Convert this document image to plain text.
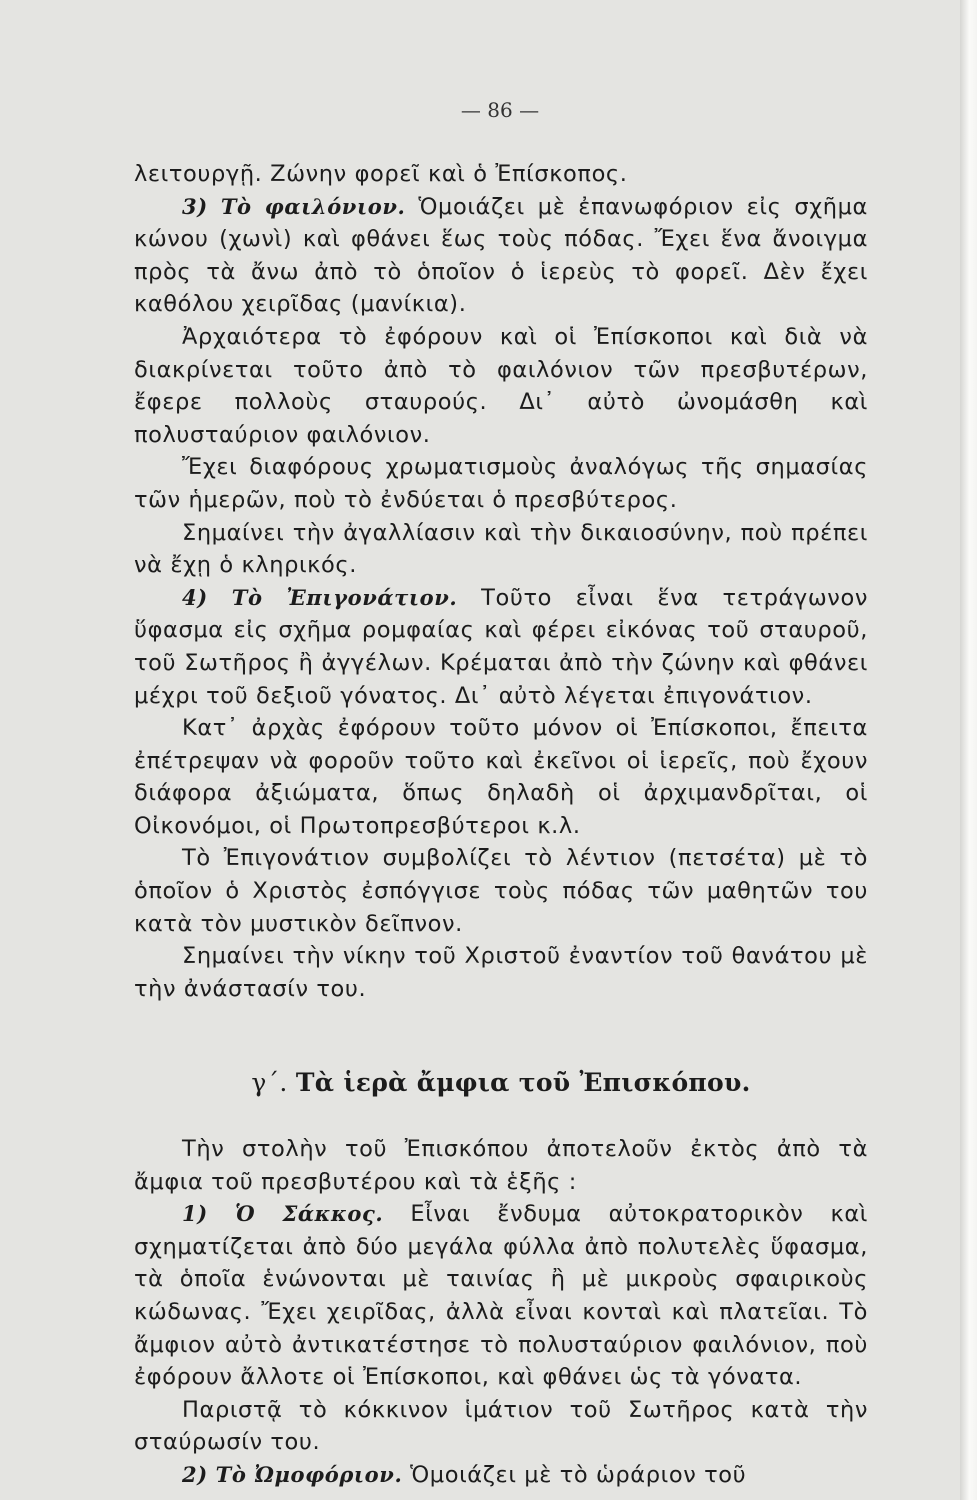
— 86 —

λειτουργῇ. Ζώνην φορεῖ καὶ ὁ Ἐπίσκοπος.

3) Τὸ φαιλόνιον. Ὁμοιάζει μὲ ἐπανωφόριον εἰς σχῆμα κώνου (χωνὶ) καὶ φθάνει ἕως τοὺς πόδας. Ἔχει ἕνα ἄνοιγμα πρὸς τὰ ἄνω ἀπὸ τὸ ὁποῖον ὁ ἱερεὺς τὸ φορεῖ. Δὲν ἔχει καθόλου χειρῖδας (μανίκια).

Ἀρχαιότερα τὸ ἐφόρουν καὶ οἱ Ἐπίσκοποι καὶ διὰ νὰ διακρίνεται τοῦτο ἀπὸ τὸ φαιλόνιον τῶν πρεσβυτέρων, ἔφερε πολλοὺς σταυρούς. Δι᾽ αὐτὸ ὠνομάσθη καὶ πολυσταύριον φαιλόνιον.

Ἔχει διαφόρους χρωματισμοὺς ἀναλόγως τῆς σημασίας τῶν ἡμερῶν, ποὺ τὸ ἐνδύεται ὁ πρεσβύτερος.

Σημαίνει τὴν ἀγαλλίασιν καὶ τὴν δικαιοσύνην, ποὺ πρέπει νὰ ἔχῃ ὁ κληρικός.

4) Τὸ Ἐπιγονάτιον. Τοῦτο εἶναι ἕνα τετράγωνον ὕφασμα εἰς σχῆμα ρομφαίας καὶ φέρει εἰκόνας τοῦ σταυροῦ, τοῦ Σωτῆρος ἢ ἀγγέλων. Κρέμαται ἀπὸ τὴν ζώνην καὶ φθάνει μέχρι τοῦ δεξιοῦ γόνατος. Δι᾽ αὐτὸ λέγεται ἐπιγονάτιον.

Κατ᾽ ἀρχὰς ἐφόρουν τοῦτο μόνον οἱ Ἐπίσκοποι, ἔπειτα ἐπέτρεψαν νὰ φοροῦν τοῦτο καὶ ἐκεῖνοι οἱ ἱερεῖς, ποὺ ἔχουν διάφορα ἀξιώματα, ὅπως δηλαδὴ οἱ ἀρχιμανδρῖται, οἱ Οἰκονόμοι, οἱ Πρωτοπρεσβύτεροι κ.λ.

Τὸ Ἐπιγονάτιον συμβολίζει τὸ λέντιον (πετσέτα) μὲ τὸ ὁποῖον ὁ Χριστὸς ἐσπόγγισε τοὺς πόδας τῶν μαθητῶν του κατὰ τὸν μυστικὸν δεῖπνον.

Σημαίνει τὴν νίκην τοῦ Χριστοῦ ἐναντίον τοῦ θανάτου μὲ τὴν ἀνάστασίν του.

γ΄. Τὰ ἱερὰ ἄμφια τοῦ Ἐπισκόπου.

Τὴν στολὴν τοῦ Ἐπισκόπου ἀποτελοῦν ἐκτὸς ἀπὸ τὰ ἄμφια τοῦ πρεσβυτέρου καὶ τὰ ἑξῆς :

1) Ὁ Σάκκος. Εἶναι ἔνδυμα αὐτοκρατορικὸν καὶ σχηματίζεται ἀπὸ δύο μεγάλα φύλλα ἀπὸ πολυτελὲς ὕφασμα, τὰ ὁποῖα ἑνώνονται μὲ ταινίας ἢ μὲ μικροὺς σφαιρικοὺς κώδωνας. Ἔχει χειρῖδας, ἀλλὰ εἶναι κονταὶ καὶ πλατεῖαι. Τὸ ἄμφιον αὐτὸ ἀντικατέστησε τὸ πολυσταύριον φαιλόνιον, ποὺ ἐφόρουν ἄλλοτε οἱ Ἐπίσκοποι, καὶ φθάνει ὡς τὰ γόνατα.

Παριστᾷ τὸ κόκκινον ἱμάτιον τοῦ Σωτῆρος κατὰ τὴν σταύρωσίν του.

2) Τὸ Ὠμοφόριον. Ὁμοιάζει μὲ τὸ ὡράριον τοῦ
